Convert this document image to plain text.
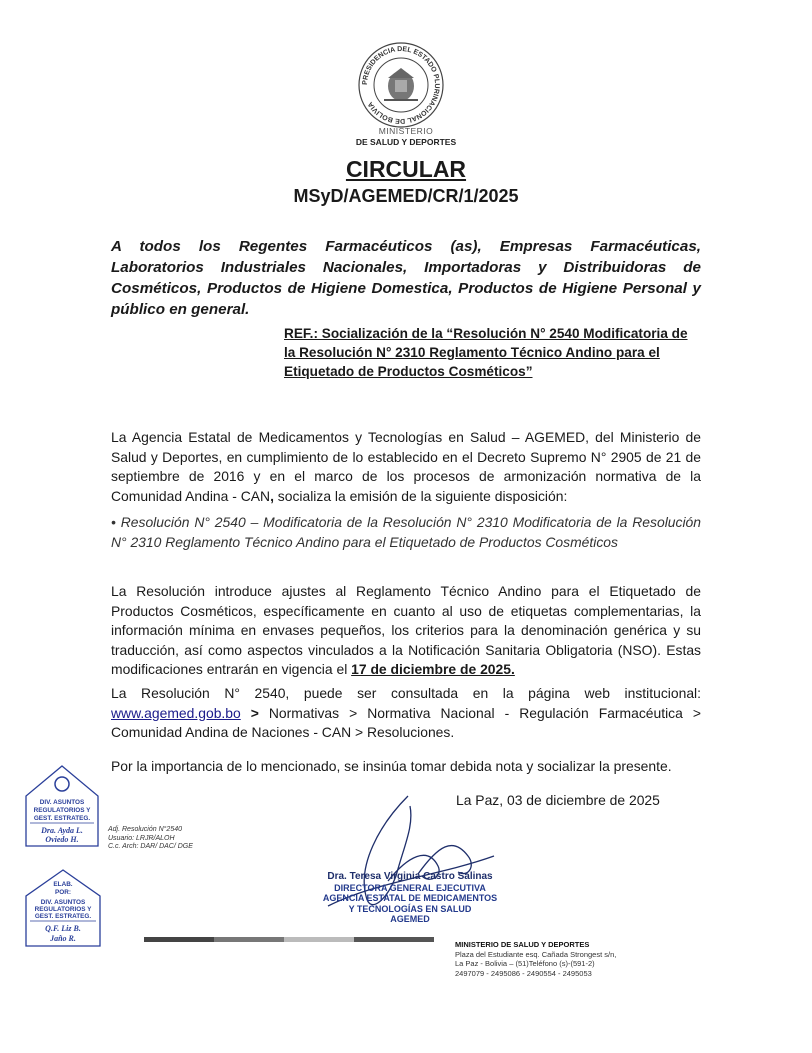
PRESIDENCIA DEL ESTADO PLURINACIONAL DE BOLIVIA
MINISTERIO
DE SALUD Y DEPORTES
CIRCULAR
MSyD/AGEMED/CR/1/2025
A todos los Regentes Farmacéuticos (as), Empresas Farmacéuticas, Laboratorios Industriales Nacionales, Importadoras y Distribuidoras de Cosméticos, Productos de Higiene Domestica, Productos de Higiene Personal y público en general.
REF.: Socialización de la “Resolución N° 2540 Modificatoria de la Resolución N° 2310 Reglamento Técnico Andino para el Etiquetado de Productos Cosméticos”
La Agencia Estatal de Medicamentos y Tecnologías en Salud – AGEMED, del Ministerio de Salud y Deportes, en cumplimiento de lo establecido en el Decreto Supremo N° 2905 de 21 de septiembre de 2016 y en el marco de los procesos de armonización normativa de la Comunidad Andina - CAN, socializa la emisión de la siguiente disposición:
• Resolución N° 2540 – Modificatoria de la Resolución N° 2310 Modificatoria de la Resolución N° 2310 Reglamento Técnico Andino para el Etiquetado de Productos Cosméticos
La Resolución introduce ajustes al Reglamento Técnico Andino para el Etiquetado de Productos Cosméticos, específicamente en cuanto al uso de etiquetas complementarias, la información mínima en envases pequeños, los criterios para la denominación genérica y su traducción, así como aspectos vinculados a la Notificación Sanitaria Obligatoria (NSO). Estas modificaciones entrarán en vigencia el 17 de diciembre de 2025.
La Resolución N° 2540, puede ser consultada en la página web institucional: www.agemed.gob.bo > Normativas > Normativa Nacional - Regulación Farmacéutica > Comunidad Andina de Naciones - CAN > Resoluciones.
Por la importancia de lo mencionado, se insinúa tomar debida nota y socializar la presente.
La Paz, 03 de diciembre de 2025
Adj. Resolución N°2540
Usuario: LRJR/ALOH
C.c. Arch: DAR/ DAC/ DGE
DIV. ASUNTOS
REGULATORIOS Y
GEST. ESTRATEG.
Dra. Ayda L.
Oviedo H.
ELAB.
POR:
DIV. ASUNTOS
REGULATORIOS Y
GEST. ESTRATEG.
Q.F. Liz B.
Jaño R.
Dra. Teresa Virginia Castro Salinas
DIRECTORA GENERAL EJECUTIVA
AGENCIA ESTATAL DE MEDICAMENTOS
Y TECNOLOGÍAS EN SALUD
AGEMED
MINISTERIO DE SALUD Y DEPORTES
Plaza del Estudiante esq. Cañada Strongest s/n,
La Paz - Bolivia – (51)Teléfono (s)-(591-2)
2497079 - 2495086 - 2490554 - 2495053
